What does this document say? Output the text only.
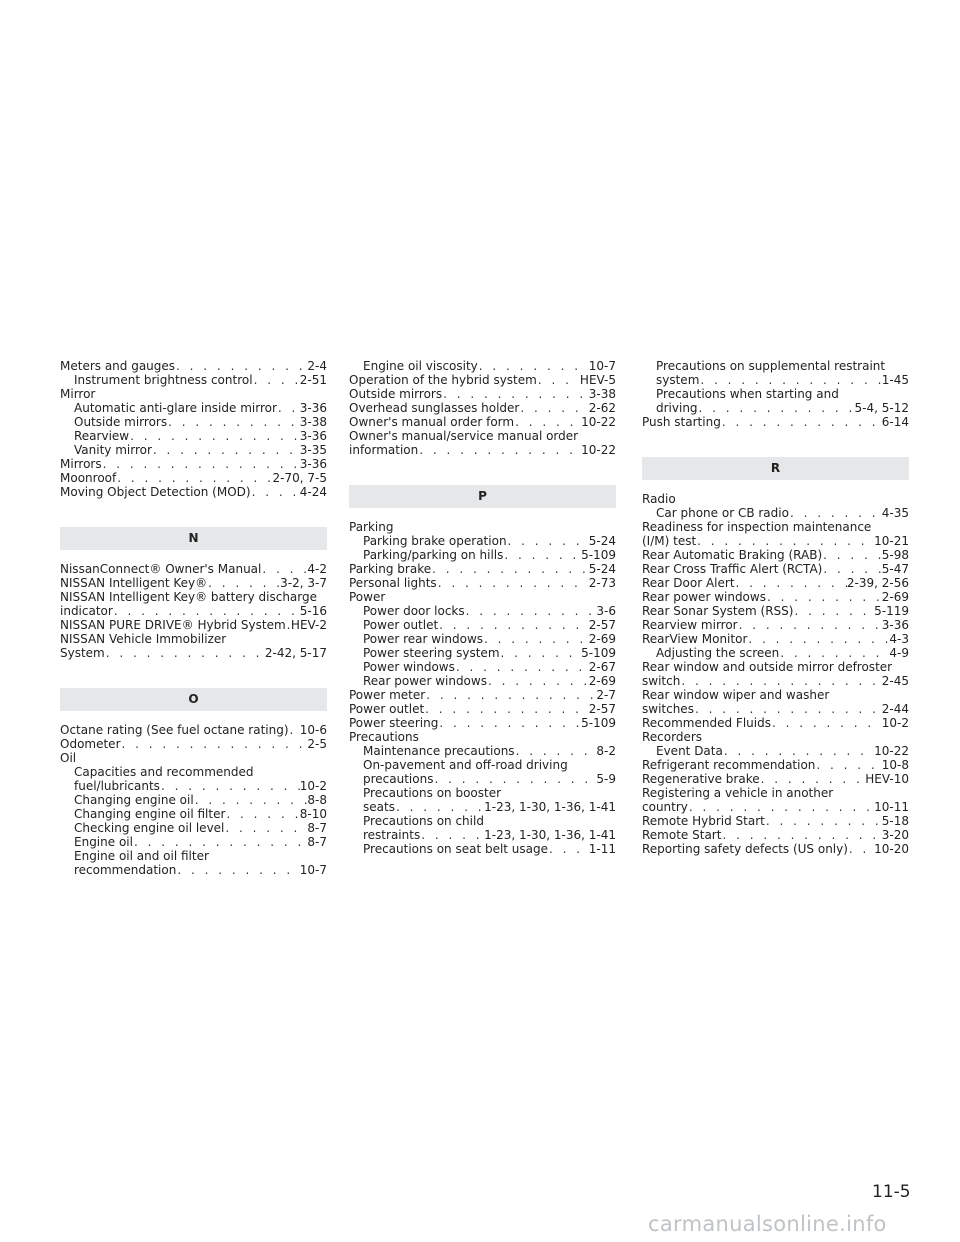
Meters and gauges . . .	2-4
Instrument brightness control . . .	2-51
Mirror
Automatic anti-glare inside mirror . . . 3-36
Outside mirrors . . .	3-38
Rearview . . .	3-36
Vanity mirror . . .	3-35
Mirrors . . .	3-36
Moonroof . . .	2-70, 7-5
Moving Object Detection (MOD) . . .	4-24
N
NissanConnect® Owner's Manual . . .	4-2
NISSAN Intelligent Key® . . .	3-2, 3-7
NISSAN Intelligent Key® battery discharge
indicator . . .	5-16
NISSAN PURE DRIVE® Hybrid System . . . HEV-2
NISSAN Vehicle Immobilizer
System . . .	2-42, 5-17
O
Octane rating (See fuel octane rating) . . . 10-6
Odometer . . .	2-5
Oil
Capacities and recommended
fuel/lubricants . . .	10-2
Changing engine oil . . .	8-8
Changing engine oil filter . . .	8-10
Checking engine oil level . . .	8-7
Engine oil . . .	8-7
Engine oil and oil filter
recommendation . . .	10-7
Engine oil viscosity . . .	10-7
Operation of the hybrid system . . .	HEV-5
Outside mirrors . . .	3-38
Overhead sunglasses holder . . .	2-62
Owner's manual order form . . .	10-22
Owner's manual/service manual order
information . . .	10-22
P
Parking
Parking brake operation . . .	5-24
Parking/parking on hills . . .	5-109
Parking brake . . .	5-24
Personal lights . . .	2-73
Power
Power door locks . . .	3-6
Power outlet . . .	2-57
Power rear windows . . .	2-69
Power steering system . . .	5-109
Power windows . . .	2-67
Rear power windows . . .	2-69
Power meter . . .	2-7
Power outlet . . .	2-57
Power steering . . .	5-109
Precautions
Maintenance precautions . . .	8-2
On-pavement and off-road driving
precautions . . .	5-9
Precautions on booster
seats . . .	1-23, 1-30, 1-36, 1-41
Precautions on child
restraints . . .	1-23, 1-30, 1-36, 1-41
Precautions on seat belt usage . . .	1-11
Precautions on supplemental restraint
system . . .	1-45
Precautions when starting and
driving . . .	5-4, 5-12
Push starting . . .	6-14
R
Radio
Car phone or CB radio . . .	4-35
Readiness for inspection maintenance
(I/M) test . . .	10-21
Rear Automatic Braking (RAB) . . .	5-98
Rear Cross Traffic Alert (RCTA) . . .	5-47
Rear Door Alert . . .	2-39, 2-56
Rear power windows . . .	2-69
Rear Sonar System (RSS) . . .	5-119
Rearview mirror . . .	3-36
RearView Monitor . . .	4-3
Adjusting the screen . . .	4-9
Rear window and outside mirror defroster
switch . . .	2-45
Rear window wiper and washer
switches . . .	2-44
Recommended Fluids . . .	10-2
Recorders
Event Data . . .	10-22
Refrigerant recommendation . . .	10-8
Regenerative brake . . .	HEV-10
Registering a vehicle in another
country . . .	10-11
Remote Hybrid Start . . .	5-18
Remote Start . . .	3-20
Reporting safety defects (US only) . . . 10-20
11-5
carmanualsonline.info
